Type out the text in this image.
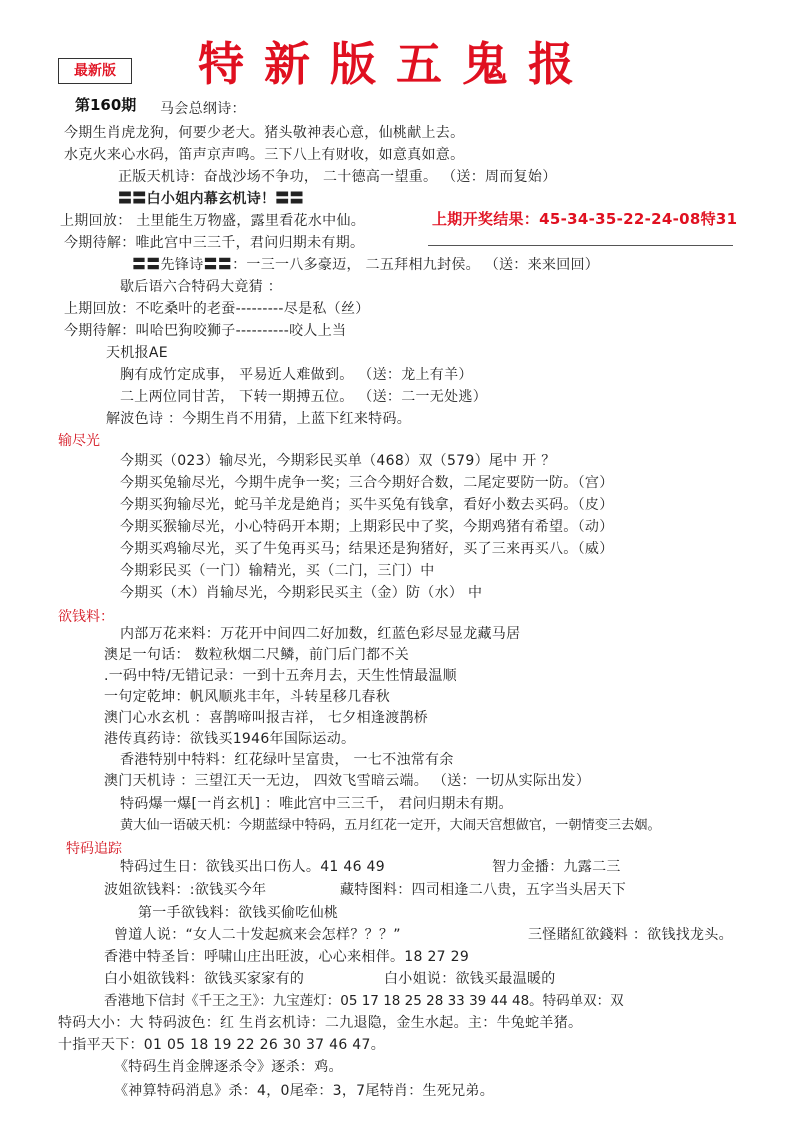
最新版	特新版五鬼报
第160期 马会总纲诗：
今期生肖虎龙狗，何要少老大。猪头敬神表心意，仙桃献上去。
水克火来心水码，笛声京声鸣。三下八上有财收，如意真如意。
正版天机诗：奋战沙场不争功， 二十德高一望重。 （送：周而复始）
〓〓白小姐内幕玄机诗！〓〓
上期回放： 土里能生万物盛，露里看花水中仙。	上期开奖结果：45-34-35-22-24-08特31
今期待解：唯此宫中三三千，君问归期未有期。
〓〓先锋诗〓〓：一三一八多豪迈， 二五拜相九封侯。 （送：来来回回）
歇后语六合特码大竟猜 ：
上期回放：不吃桑叶的老蚕---------尽是私（丝）
今期待解：叫哈巴狗咬狮子----------咬人上当
天机报AE
胸有成竹定成事， 平易近人难做到。 （送：龙上有羊）
二上两位同甘苦， 下转一期搏五位。 （送：二一无处逃）
解波色诗 ：今期生肖不用猜，上蓝下红来特码。
输尽光
今期买（023）输尽光，今期彩民买单（468）双（579）尾中 开 ？
今期买兔输尽光，今期牛虎争一奖；三合今期好合数，二尾定要防一防。（宫）
今期买狗输尽光，蛇马羊龙是絶肖；买牛买兔有钱拿，看好小数去买码。（皮）
今期买猴输尽光，小心特码开本期；上期彩民中了奖，今期鸡猪有希望。（动）
今期买鸡输尽光，买了牛兔再买马；结果还是狗猪好，买了三来再买八。（威）
今期彩民买（一门）输精光，买（二门，三门）中
今期买（木）肖输尽光，今期彩民买主（金）防（水） 中
欲钱料：
内部万花来料：万花开中间四二好加数，红蓝色彩尽显龙藏马居
澳足一句话： 数粒秋烟二尺鳞，前门后门都不关
.一码中特/无错记录：一到十五奔月去，天生性情最温顺
一句定乾坤：帆风顺兆丰年，斗转星移几春秋
澳门心水玄机 ：喜鹊啼叫报吉祥， 七夕相逢渡鹊桥
港传真药诗：欲钱买1946年国际运动。
香港特别中特料：红花绿叶呈富贵， 一七不浊常有余
澳门天机诗 ：三望江天一无边， 四效飞雪暗云端。 （送：一切从实际出发）
特码爆一爆[一肖玄机] ：唯此宫中三三千， 君问归期未有期。
黄大仙一语破天机：今期蓝绿中特码，五月红花一定开，大闹天宫想做官，一朝情变三去姻。
特码追踪
特码过生日：欲钱买出口伤人。41 46 49	智力金播：九露二三
波姐欲钱料：:欲钱买今年	藏特图料：四司相逢二八贵，五字当头居天下
第一手欲钱料：欲钱买偷吃仙桃
曾道人说：“女人二十发起疯来会怎样？？？”	三怪賭紅欲錢料 ：欲钱找龙头。
香港中特圣旨：呼啸山庄出旺波，心心来相伴。18 27 29
白小姐欲钱料：欲钱买家家有的	白小姐说：欲钱买最温暖的
香港地下信封《千王之王》：九宝莲灯：05 17 18 25 28 33 39 44 48。特码单双：双
特码大小：大 特码波色：红 生肖玄机诗：二九退隐，金生水起。主：牛兔蛇羊猪。
十指平天下：01 05 18 19 22 26 30 37 46 47。
《特码生肖金牌逐杀令》逐杀：鸡。
《神算特码消息》杀：4，0尾牵：3，7尾特肖：生死兄弟。
